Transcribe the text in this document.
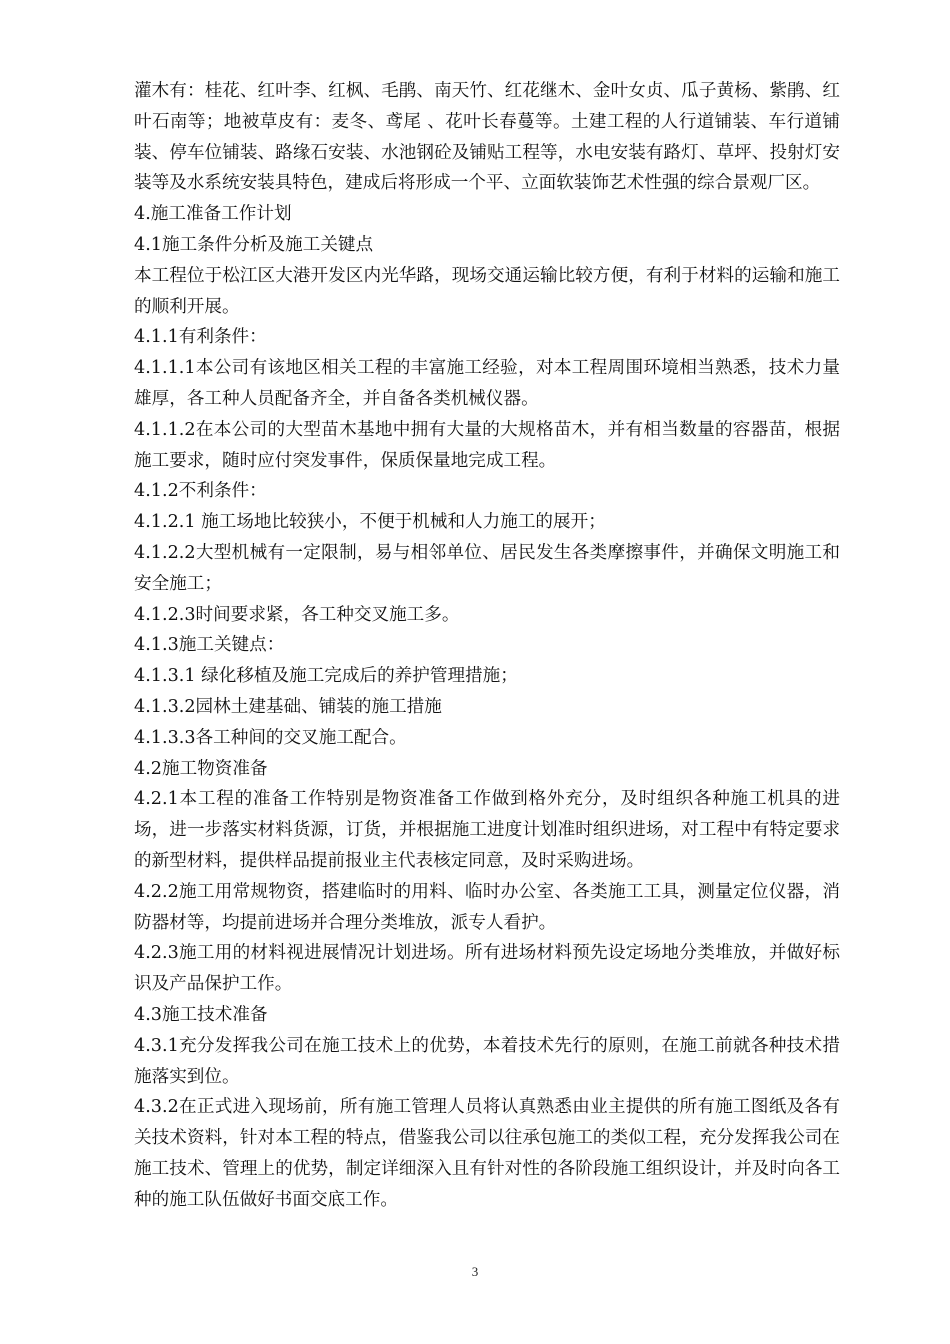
灌木有：桂花、红叶李、红枫、毛鹃、南天竹、红花继木、金叶女贞、瓜子黄杨、紫鹃、红叶石南等；地被草皮有：麦冬、鸢尾 、花叶长春蔓等。土建工程的人行道铺装、车行道铺装、停车位铺装、路缘石安装、水池钢砼及铺贴工程等，水电安装有路灯、草坪、投射灯安装等及水系统安装具特色，建成后将形成一个平、立面软装饰艺术性强的综合景观厂区。

4.施工准备工作计划

4.1施工条件分析及施工关键点

本工程位于松江区大港开发区内光华路，现场交通运输比较方便，有利于材料的运输和施工的顺利开展。

4.1.1有利条件：

4.1.1.1本公司有该地区相关工程的丰富施工经验，对本工程周围环境相当熟悉，技术力量雄厚，各工种人员配备齐全，并自备各类机械仪器。

4.1.1.2在本公司的大型苗木基地中拥有大量的大规格苗木，并有相当数量的容器苗，根据施工要求，随时应付突发事件，保质保量地完成工程。

4.1.2不利条件：

4.1.2.1 施工场地比较狭小，不便于机械和人力施工的展开；

4.1.2.2大型机械有一定限制，易与相邻单位、居民发生各类摩擦事件，并确保文明施工和安全施工；

4.1.2.3时间要求紧，各工种交叉施工多。

4.1.3施工关键点：

4.1.3.1 绿化移植及施工完成后的养护管理措施；

4.1.3.2园林土建基础、铺装的施工措施

4.1.3.3各工种间的交叉施工配合。

4.2施工物资准备

4.2.1本工程的准备工作特别是物资准备工作做到格外充分，及时组织各种施工机具的进场，进一步落实材料货源，订货，并根据施工进度计划准时组织进场，对工程中有特定要求的新型材料，提供样品提前报业主代表核定同意，及时采购进场。

4.2.2施工用常规物资，搭建临时的用料、临时办公室、各类施工工具，测量定位仪器，消防器材等，均提前进场并合理分类堆放，派专人看护。

4.2.3施工用的材料视进展情况计划进场。所有进场材料预先设定场地分类堆放，并做好标识及产品保护工作。

4.3施工技术准备

4.3.1充分发挥我公司在施工技术上的优势，本着技术先行的原则，在施工前就各种技术措施落实到位。

4.3.2在正式进入现场前，所有施工管理人员将认真熟悉由业主提供的所有施工图纸及各有关技术资料，针对本工程的特点，借鉴我公司以往承包施工的类似工程，充分发挥我公司在施工技术、管理上的优势，制定详细深入且有针对性的各阶段施工组织设计，并及时向各工种的施工队伍做好书面交底工作。

3
